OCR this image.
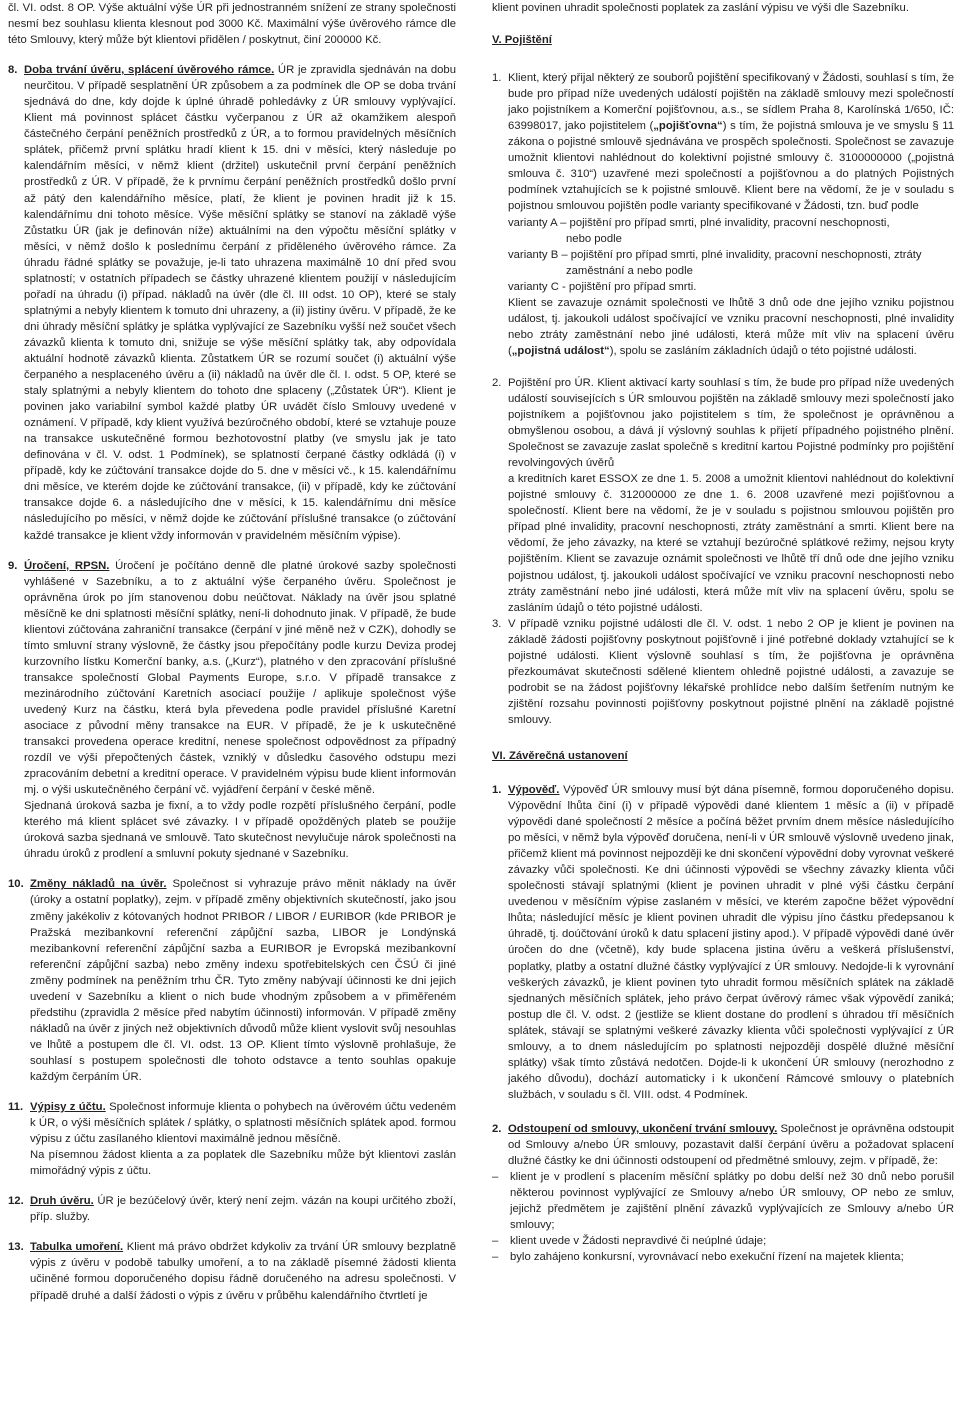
čl. VI. odst. 8 OP. Výše aktuální výše ÚR při jednostranném snížení ze strany společnosti nesmí bez souhlasu klienta klesnout pod 3000 Kč. Maximální výše úvěrového rámce dle této Smlouvy, který může být klientovi přidělen / poskytnut, činí 200000 Kč.

8. Doba trvání úvěru, splácení úvěrového rámce. ÚR je zpravidla sjednáván na dobu neurčitou. V případě sesplatnění ÚR způsobem a za podmínek dle OP se doba trvání sjednává do dne, kdy dojde k úplné úhradě pohledávky z ÚR smlouvy vyplývající. Klient má povinnost splácet částku vyčerpanou z ÚR až okamžikem alespoň částečného čerpání peněžních prostředků z ÚR, a to formou pravidelných měsíčních splátek, přičemž první splátku hradí klient k 15. dni v měsíci, který následuje po kalendářním měsíci, v němž klient (držitel) uskutečnil první čerpání peněžních prostředků z ÚR. V případě, že k prvnímu čerpání peněžních prostředků došlo první až pátý den kalendářního měsíce, platí, že klient je povinen hradit již k 15. kalendářnímu dni tohoto měsíce. Výše měsíční splátky se stanoví na základě výše Zůstatku ÚR (jak je definován níže) aktuálními na den výpočtu měsíční splátky v měsíci, v němž došlo k poslednímu čerpání z přiděleného úvěrového rámce. Za úhradu řádné splátky se považuje, je-li tato uhrazena maximálně 10 dní před svou splatností; v ostatních případech se částky uhrazené klientem použijí v následujícím pořadí na úhradu (i) případ. nákladů na úvěr (dle čl. III odst. 10 OP), které se staly splatnými a nebyly klientem k tomuto dni uhrazeny, a (ii) jistiny úvěru. V případě, že ke dni úhrady měsíční splátky je splátka vyplývající ze Sazebníku vyšší než součet všech závazků klienta k tomuto dni, snižuje se výše měsíční splátky tak, aby odpovídala aktuální hodnotě závazků klienta. Zůstatkem ÚR se rozumí součet (i) aktuální výše čerpaného a nesplaceného úvěru a (ii) nákladů na úvěr dle čl. I. odst. 5 OP, které se staly splatnými a nebyly klientem do tohoto dne splaceny („Zůstatek ÚR“). Klient je povinen jako variabilní symbol každé platby ÚR uvádět číslo Smlouvy uvedené v oznámení. V případě, kdy klient využívá bezúročného období, které se vztahuje pouze na transakce uskutečněné formou bezhotovostní platby (ve smyslu jak je tato definována v čl. V. odst. 1 Podmínek), se splatností čerpané částky odkládá (i) v případě, kdy ke zúčtování transakce dojde do 5. dne v měsíci vč., k 15. kalendářnímu dni měsíce, ve kterém dojde ke zúčtování transakce, (ii) v případě, kdy ke zúčtování transakce dojde 6. a následujícího dne v měsíci, k 15. kalendářnímu dni měsíce následujícího po měsíci, v němž dojde ke zúčtování příslušné transakce (o zúčtování každé transakce je klient vždy informován v pravidelném měsíčním výpise).
9. Úročení, RPSN. Úročení je počítáno denně dle platné úrokové sazby společnosti vyhlášené v Sazebníku, a to z aktuální výše čerpaného úvěru. Společnost je oprávněna úrok po jím stanovenou dobu neúčtovat. Náklady na úvěr jsou splatné měsíčně ke dni splatnosti měsíční splátky, není-li dohodnuto jinak. V případě, že bude klientovi zúčtována zahraniční transakce (čerpání v jiné měně než v CZK), dohodly se tímto smluvní strany výslovně, že částky jsou přepočítány podle kurzu Deviza prodej kurzovního lístku Komerční banky, a.s. („Kurz“), platného v den zpracování příslušné transakce společností Global Payments Europe, s.r.o. V případě transakce z mezinárodního zúčtování Karetních asociací použije / aplikuje společnost výše uvedený Kurz na částku, která byla převedena podle pravidel příslušné Karetní asociace z původní měny transakce na EUR. V případě, že je k uskutečněné transakci provedena operace kreditní, nenese společnost odpovědnost za případný rozdíl ve výši přepočtených částek, vzniklý v důsledku časového odstupu mezi zpracováním debetní a kreditní operace. V pravidelném výpisu bude klient informován mj. o výši uskutečněného čerpání vč. vyjádření čerpání v české měně.

Sjednaná úroková sazba je fixní, a to vždy podle rozpětí příslušného čerpání, podle kterého má klient splácet své závazky. I v případě opožděných plateb se použije úroková sazba sjednaná ve smlouvě. Tato skutečnost nevylučuje nárok společnosti na úhradu úroků z prodlení a smluvní pokuty sjednané v Sazebníku.

10. Změny nákladů na úvěr. Společnost si vyhrazuje právo měnit náklady na úvěr (úroky a ostatní poplatky), zejm. v případě změny objektivních skutečností, jako jsou změny jakékoliv z kótovaných hodnot PRIBOR / LIBOR / EURIBOR (kde PRIBOR je Pražská mezibankovní referenční zápůjční sazba, LIBOR je Londýnská mezibankovní referenční zápůjční sazba a EURIBOR je Evropská mezibankovní referenční zápůjční sazba) nebo změny indexu spotřebitelských cen ČSÚ či jiné změny podmínek na peněžním trhu ČR. Tyto změny nabývají účinnosti ke dni jejich uvedení v Sazebníku a klient o nich bude vhodným způsobem a v přiměřeném předstihu (zpravidla 2 měsíce před nabytím účinnosti) informován. V případě změny nákladů na úvěr z jiných než objektivních důvodů může klient vyslovit svůj nesouhlas ve lhůtě a postupem dle čl. VI. odst. 13 OP. Klient tímto výslovně prohlašuje, že souhlasí s postupem společnosti dle tohoto odstavce a tento souhlas opakuje každým čerpáním ÚR.
11. Výpisy z účtu. Společnost informuje klienta o pohybech na úvěrovém účtu vedeném k ÚR, o výši měsíčních splátek / splátky, o splatnosti měsíčních splátek apod. formou výpisu z účtu zasílaného klientovi maximálně jednou měsíčně.

Na písemnou žádost klienta a za poplatek dle Sazebníku může být klientovi zaslán mimořádný výpis z účtu.

12. Druh úvěru. ÚR je bezúčelový úvěr, který není zejm. vázán na koupi určitého zboží, příp. služby.
13. Tabulka umoření. Klient má právo obdržet kdykoliv za trvání ÚR smlouvy bezplatně výpis z úvěru v podobě tabulky umoření, a to na základě písemné žádosti klienta učiněné formou doporučeného dopisu řádně doručeného na adresu společnosti. V případě druhé a další žádosti o výpis z úvěru v průběhu kalendářního čtvrtletí je

klient povinen uhradit společnosti poplatek za zaslání výpisu ve výši dle Sazebníku.

V. Pojištění
1. Klient, který přijal některý ze souborů pojištění specifikovaný v Žádosti, souhlasí s tím, že bude pro případ níže uvedených událostí pojištěn na základě smlouvy mezi společností jako pojistníkem a Komerční pojišťovnou, a.s., se sídlem Praha 8, Karolínská 1/650, IČ: 63998017, jako pojistitelem („pojišťovna“) s tím, že pojistná smlouva je ve smyslu § 11 zákona o pojistné smlouvě sjednávána ve prospěch společnosti. Společnost se zavazuje umožnit klientovi nahlédnout do kolektivní pojistné smlouvy č. 3100000000 („pojistná smlouva č. 310“) uzavřené mezi společností a pojišťovnou a do platných Pojistných podmínek vztahujících se k pojistné smlouvě. Klient bere na vědomí, že je v souladu s pojistnou smlouvou pojištěn podle varianty specifikované v Žádosti, tzn. buď podle
varianty A – pojištění pro případ smrti, plné invalidity, pracovní neschopnosti,
nebo podle
varianty B – pojištění pro případ smrti, plné invalidity, pracovní neschopnosti, ztráty
zaměstnání a nebo podle
varianty C - pojištění pro případ smrti.

Klient se zavazuje oznámit společnosti ve lhůtě 3 dnů ode dne jejího vzniku pojistnou událost, tj. jakoukoli událost spočívající ve vzniku pracovní neschopnosti, plné invalidity nebo ztráty zaměstnání nebo jiné události, která může mít vliv na splacení úvěru („pojistná událost“), spolu se zasláním základních údajů o této pojistné události.

2. Pojištění pro ÚR. Klient aktivací karty souhlasí s tím, že bude pro případ níže uvedených událostí souvisejících s ÚR smlouvou pojištěn na základě smlouvy mezi společností jako pojistníkem a pojišťovnou jako pojistitelem s tím, že společnost je oprávněnou a obmyšlenou osobou, a dává jí výslovný souhlas k přijetí případného pojistného plnění. Společnost se zavazuje zaslat společně s kreditní kartou Pojistné podmínky pro pojištění revolvingových úvěrů

a kreditních karet ESSOX ze dne 1. 5. 2008 a umožnit klientovi nahlédnout do kolektivní pojistné smlouvy č. 312000000 ze dne 1. 6. 2008 uzavřené mezi pojišťovnou a společností. Klient bere na vědomí, že je v souladu s pojistnou smlouvou pojištěn pro případ plné invalidity, pracovní neschopnosti, ztráty zaměstnání a smrti. Klient bere na vědomí, že jeho závazky, na které se vztahují bezúročné splátkové režimy, nejsou kryty pojištěním. Klient se zavazuje oznámit společnosti ve lhůtě tří dnů ode dne jejího vzniku pojistnou událost, tj. jakoukoli událost spočívající ve vzniku pracovní neschopnosti nebo ztráty zaměstnání nebo jiné události, která může mít vliv na splacení úvěru, spolu se zasláním údajů o této pojistné události.

3. V případě vzniku pojistné události dle čl. V. odst. 1 nebo 2 OP je klient je povinen na základě žádosti pojišťovny poskytnout pojišťovně i jiné potřebné doklady vztahující se k pojistné události. Klient výslovně souhlasí s tím, že pojišťovna je oprávněna přezkoumávat skutečnosti sdělené klientem ohledně pojistné události, a zavazuje se podrobit se na žádost pojišťovny lékařské prohlídce nebo dalším šetřením nutným ke zjištění rozsahu povinnosti pojišťovny poskytnout pojistné plnění na základě pojistné smlouvy.
VI. Závěrečná ustanovení
1. Výpověď. Výpověď ÚR smlouvy musí být dána písemně, formou doporučeného dopisu. Výpovědní lhůta činí (i) v případě výpovědi dané klientem 1 měsíc a (ii) v případě výpovědi dané společností 2 měsíce a počíná běžet prvním dnem měsíce následujícího po měsíci, v němž byla výpověď doručena, není-li v ÚR smlouvě výslovně uvedeno jinak, přičemž klient má povinnost nejpozději ke dni skončení výpovědní doby vyrovnat veškeré závazky vůči společnosti. Ke dni účinnosti výpovědi se všechny závazky klienta vůči společnosti stávají splatnými (klient je povinen uhradit v plné výši částku čerpání uvedenou v měsíčním výpise zaslaném v měsíci, ve kterém započne běžet výpovědní lhůta; následující měsíc je klient povinen uhradit dle výpisu jíno částku předepsanou k úhradě, tj. doúčtování úroků k datu splacení jistiny apod.). V případě výpovědi dané úvěr úročen do dne (včetně), kdy bude splacena jistina úvěru a veškerá příslušenství, poplatky, platby a ostatní dlužné částky vyplývající z ÚR smlouvy. Nedojde-li k vyrovnání veškerých závazků, je klient povinen tyto uhradit formou měsíčních splátek na základě sjednaných měsíčních splátek, jeho právo čerpat úvěrový rámec však výpovědí zaniká; postup dle čl. V. odst. 2 (jestliže se klient dostane do prodlení s úhradou tří měsíčních splátek, stávají se splatnými veškeré závazky klienta vůči společnosti vyplývající z ÚR smlouvy, a to dnem následujícím po splatnosti nejpozději dospělé dlužné měsíční splátky) však tímto zůstává nedotčen. Dojde-li k ukončení ÚR smlouvy (nerozhodno z jakého důvodu), dochází automaticky i k ukončení Rámcové smlouvy o platebních službách, v souladu s čl. VIII. odst. 4 Podmínek.
2. Odstoupení od smlouvy, ukončení trvání smlouvy. Společnost je oprávněna odstoupit od Smlouvy a/nebo ÚR smlouvy, pozastavit další čerpání úvěru a požadovat splacení dlužné částky ke dni účinnosti odstoupení od předmětné smlouvy, zejm. v případě, že:
–	klient je v prodlení s placením měsíční splátky po dobu delší než 30 dnů nebo porušil některou povinnost vyplývající ze Smlouvy a/nebo ÚR smlouvy, OP nebo ze smluv, jejichž předmětem je zajištění plnění závazků vyplývajících ze Smlouvy a/nebo ÚR smlouvy;
–	klient uvede v Žádosti nepravdivé či neúplné údaje;
–	bylo zahájeno konkursní, vyrovnávací nebo exekuční řízení na majetek klienta;
